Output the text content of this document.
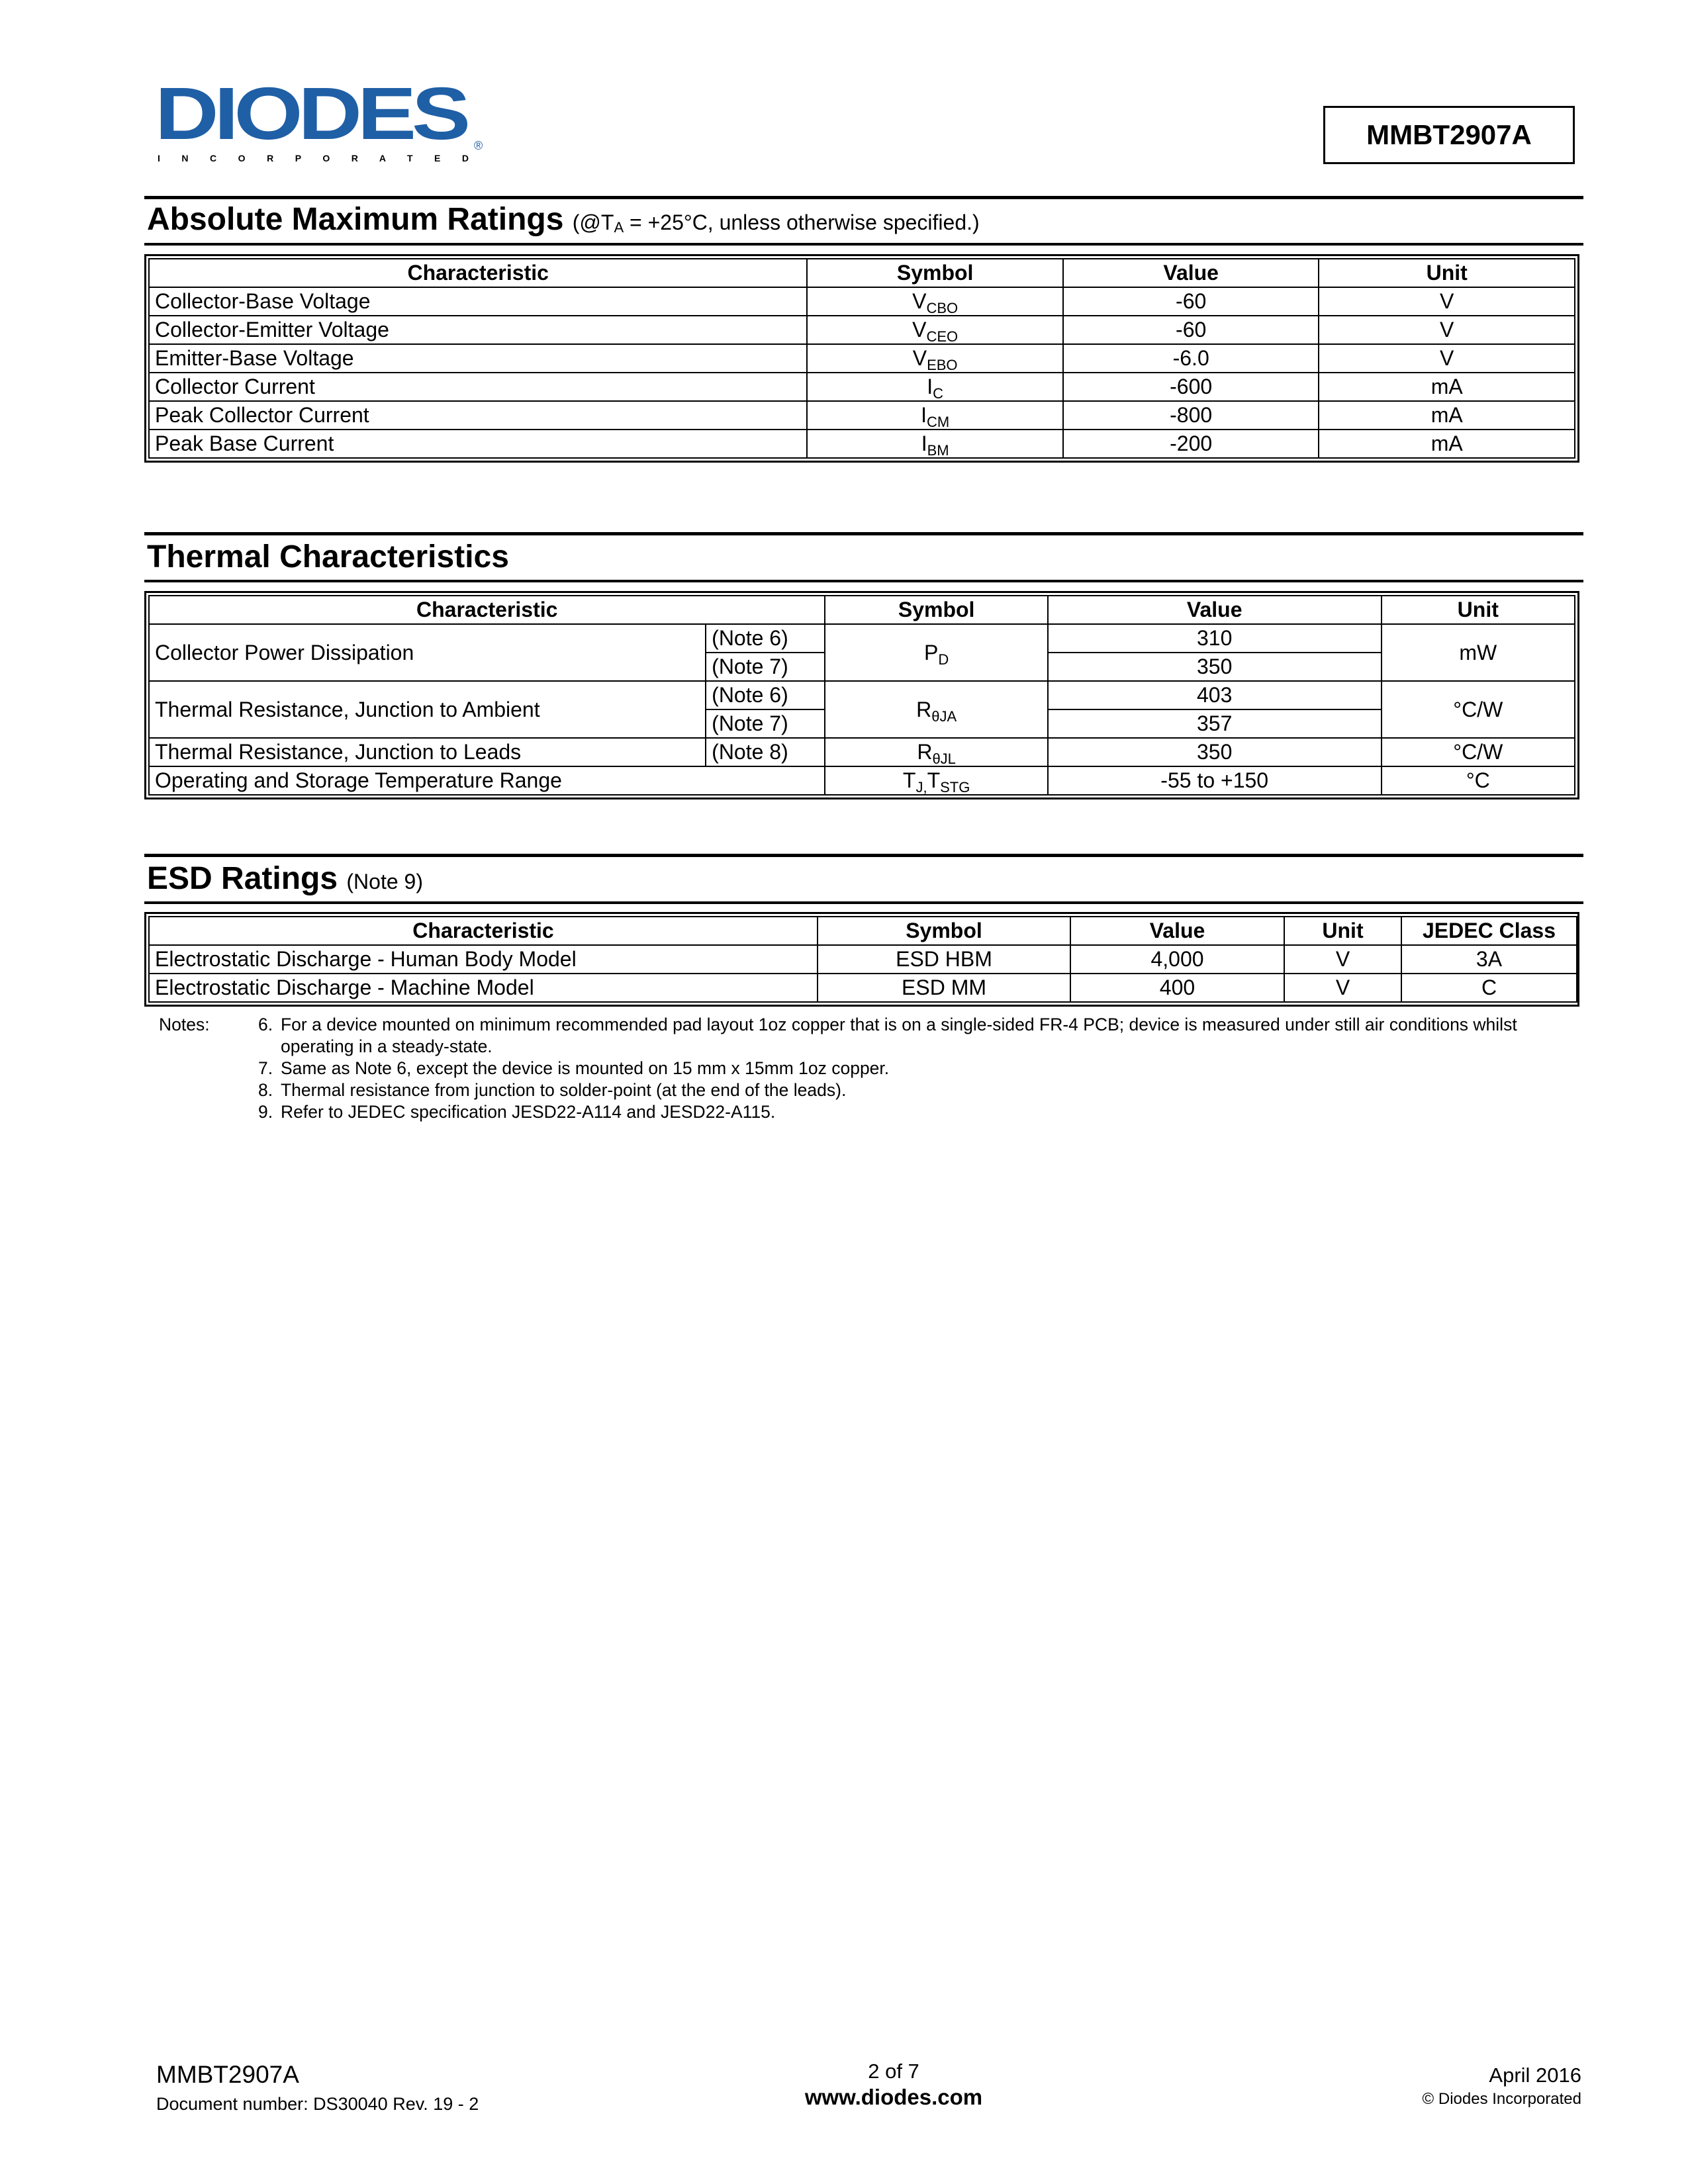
DIODES ®
I N C O R P O R A T E D
MMBT2907A
Absolute Maximum Ratings ($@T_A = +25^\circ C$, unless otherwise specified.)
Characteristic	Symbol	Value	Unit
Collector-Base Voltage	$V_{CBO}$	-60	V
Collector-Emitter Voltage	$V_{CEO}$	-60	V
Emitter-Base Voltage	$V_{EBO}$	-6.0	V
Collector Current	$I_C$	-600	mA
Peak Collector Current	$I_{CM}$	-800	mA
Peak Base Current	$I_{BM}$	-200	mA
Thermal Characteristics
Characteristic		Symbol	Value	Unit
Collector Power Dissipation	(Note 6)	$P_D$	310	mW
	(Note 7)		350	
Thermal Resistance, Junction to Ambient	(Note 6)	$R_{\theta JA}$	403	°C/W
	(Note 7)		357	
Thermal Resistance, Junction to Leads	(Note 8)	$R_{\theta JL}$	350	°C/W
Operating and Storage Temperature Range		$T_{J,}T_{STG}$	-55 to +150	°C
ESD Ratings (Note 9)
Characteristic	Symbol	Value	Unit	JEDEC Class
Electrostatic Discharge - Human Body Model	ESD HBM	4,000	V	3A
Electrostatic Discharge - Machine Model	ESD MM	400	V	C
Notes:	6. For a device mounted on minimum recommended pad layout 1oz copper that is on a single-sided FR-4 PCB; device is measured under still air conditions whilst operating in a steady-state.
7. Same as Note 6, except the device is mounted on 15 mm x 15mm 1oz copper.
8. Thermal resistance from junction to solder-point (at the end of the leads).
9. Refer to JEDEC specification JESD22-A114 and JESD22-A115.
MMBT2907A
Document number: DS30040 Rev. 19 - 2
2 of 7
www.diodes.com
April 2016
© Diodes Incorporated
